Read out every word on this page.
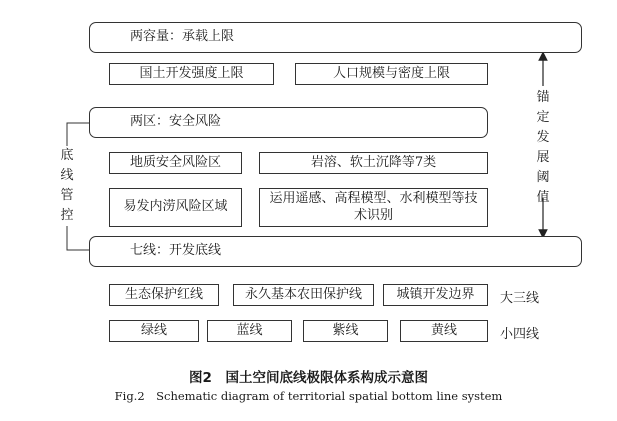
两容量：承载上限
国土开发强度上限	人口规模与密度上限
两区：安全风险
地质安全风险区	岩溶、软土沉降等7类
易发内涝风险区域
运用遥感、高程模型、水利模型等技术识别
七线：开发底线
生态保护红线	永久基本农田保护线	城镇开发边界 大三线
绿线	蓝线	紫线	黄线	小四线
底
线
管
控
锚
定
发
展
阈
值
图2　国土空间底线极限体系构成示意图
Fig.2　Schematic diagram of territorial spatial bottom line system
